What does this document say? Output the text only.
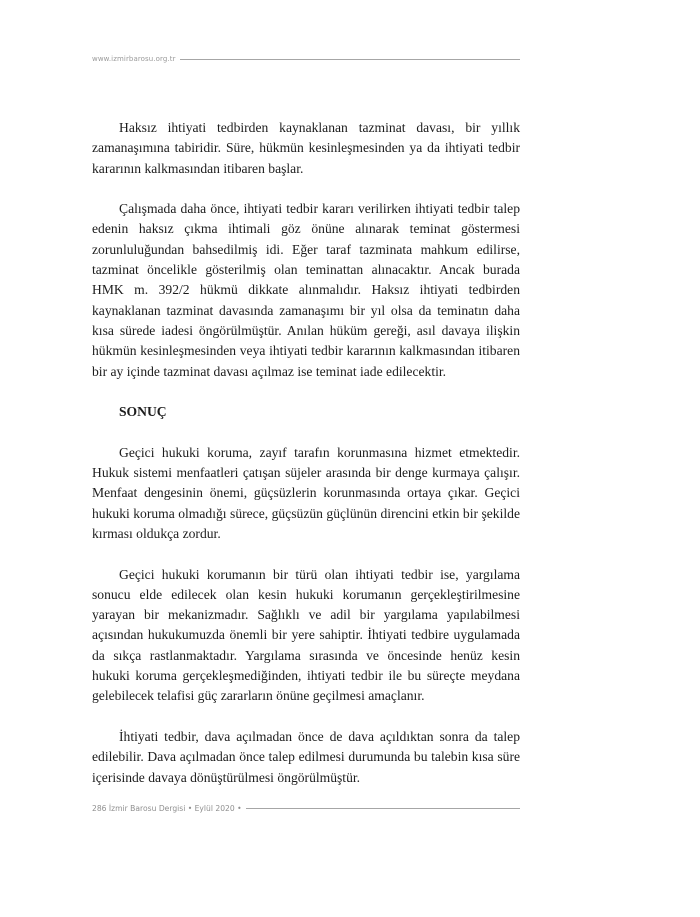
www.izmirbarosu.org.tr

Haksız ihtiyati tedbirden kaynaklanan tazminat davası, bir yıllık zamanaşımına tabiridir. Süre, hükmün kesinleşmesinden ya da ihtiyati tedbir kararının kalkmasından itibaren başlar.

Çalışmada daha önce, ihtiyati tedbir kararı verilirken ihtiyati tedbir talep edenin haksız çıkma ihtimali göz önüne alınarak teminat göstermesi zorunluluğundan bahsedilmiş idi. Eğer taraf tazminata mahkum edilirse, tazminat öncelikle gösterilmiş olan teminattan alınacaktır. Ancak burada HMK m. 392/2 hükmü dikkate alınmalıdır. Haksız ihtiyati tedbirden kaynaklanan tazminat davasında zamanaşımı bir yıl olsa da teminatın daha kısa sürede iadesi öngörülmüştür. Anılan hüküm gereği, asıl davaya ilişkin hükmün kesinleşmesinden veya ihtiyati tedbir kararının kalkmasından itibaren bir ay içinde tazminat davası açılmaz ise teminat iade edilecektir.

SONUÇ

Geçici hukuki koruma, zayıf tarafın korunmasına hizmet etmektedir. Hukuk sistemi menfaatleri çatışan süjeler arasında bir denge kurmaya çalışır. Menfaat dengesinin önemi, güçsüzlerin korunmasında ortaya çıkar. Geçici hukuki koruma olmadığı sürece, güçsüzün güçlünün direncini etkin bir şekilde kırması oldukça zordur.

Geçici hukuki korumanın bir türü olan ihtiyati tedbir ise, yargılama sonucu elde edilecek olan kesin hukuki korumanın gerçekleştirilmesine yarayan bir mekanizmadır. Sağlıklı ve adil bir yargılama yapılabilmesi açısından hukukumuzda önemli bir yere sahiptir. İhtiyati tedbire uygulamada da sıkça rastlanmaktadır. Yargılama sırasında ve öncesinde henüz kesin hukuki koruma gerçekleşmediğinden, ihtiyati tedbir ile bu süreçte meydana gelebilecek telafisi güç zararların önüne geçilmesi amaçlanır.

İhtiyati tedbir, dava açılmadan önce de dava açıldıktan sonra da talep edilebilir. Dava açılmadan önce talep edilmesi durumunda bu talebin kısa süre içerisinde davaya dönüştürülmesi öngörülmüştür.

286 İzmir Barosu Dergisi • Eylül 2020 •
